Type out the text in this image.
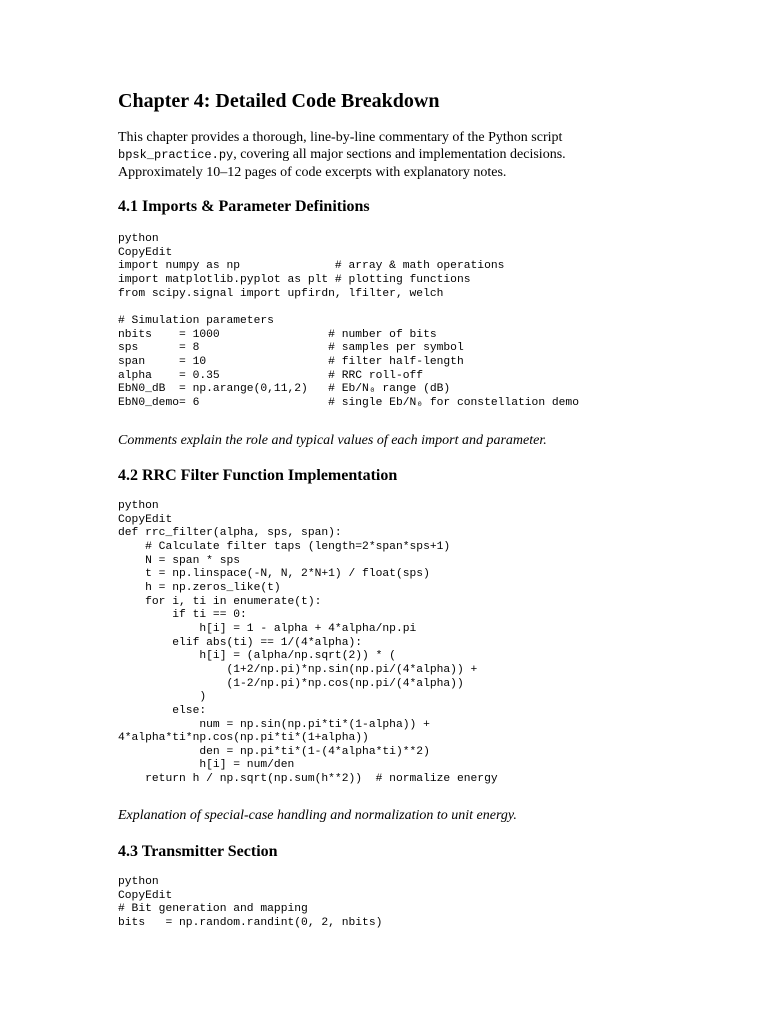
Chapter 4: Detailed Code Breakdown

This chapter provides a thorough, line-by-line commentary of the Python script
bpsk_practice.py, covering all major sections and implementation decisions.
Approximately 10–12 pages of code excerpts with explanatory notes.

4.1 Imports & Parameter Definitions
python
CopyEdit
import numpy as np              # array & math operations
import matplotlib.pyplot as plt # plotting functions
from scipy.signal import upfirdn, lfilter, welch

# Simulation parameters
nbits    = 1000                # number of bits
sps      = 8                   # samples per symbol
span     = 10                  # filter half-length
alpha    = 0.35                # RRC roll-off
EbN0_dB  = np.arange(0,11,2)   # Eb/N₀ range (dB)
EbN0_demo= 6                   # single Eb/N₀ for constellation demo

Comments explain the role and typical values of each import and parameter.

4.2 RRC Filter Function Implementation
python
CopyEdit
def rrc_filter(alpha, sps, span):
# Calculate filter taps (length=2*span*sps+1)
N = span * sps
t = np.linspace(-N, N, 2*N+1) / float(sps)
h = np.zeros_like(t)
for i, ti in enumerate(t):
if ti == 0:
h[i] = 1 - alpha + 4*alpha/np.pi
elif abs(ti) == 1/(4*alpha):
h[i] = (alpha/np.sqrt(2)) * (
(1+2/np.pi)*np.sin(np.pi/(4*alpha)) +
(1-2/np.pi)*np.cos(np.pi/(4*alpha))
)
else:
num = np.sin(np.pi*ti*(1-alpha)) +
4*alpha*ti*np.cos(np.pi*ti*(1+alpha))
den = np.pi*ti*(1-(4*alpha*ti)**2)
h[i] = num/den
return h / np.sqrt(np.sum(h**2))  # normalize energy

Explanation of special-case handling and normalization to unit energy.

4.3 Transmitter Section
python
CopyEdit
# Bit generation and mapping
bits   = np.random.randint(0, 2, nbits)
